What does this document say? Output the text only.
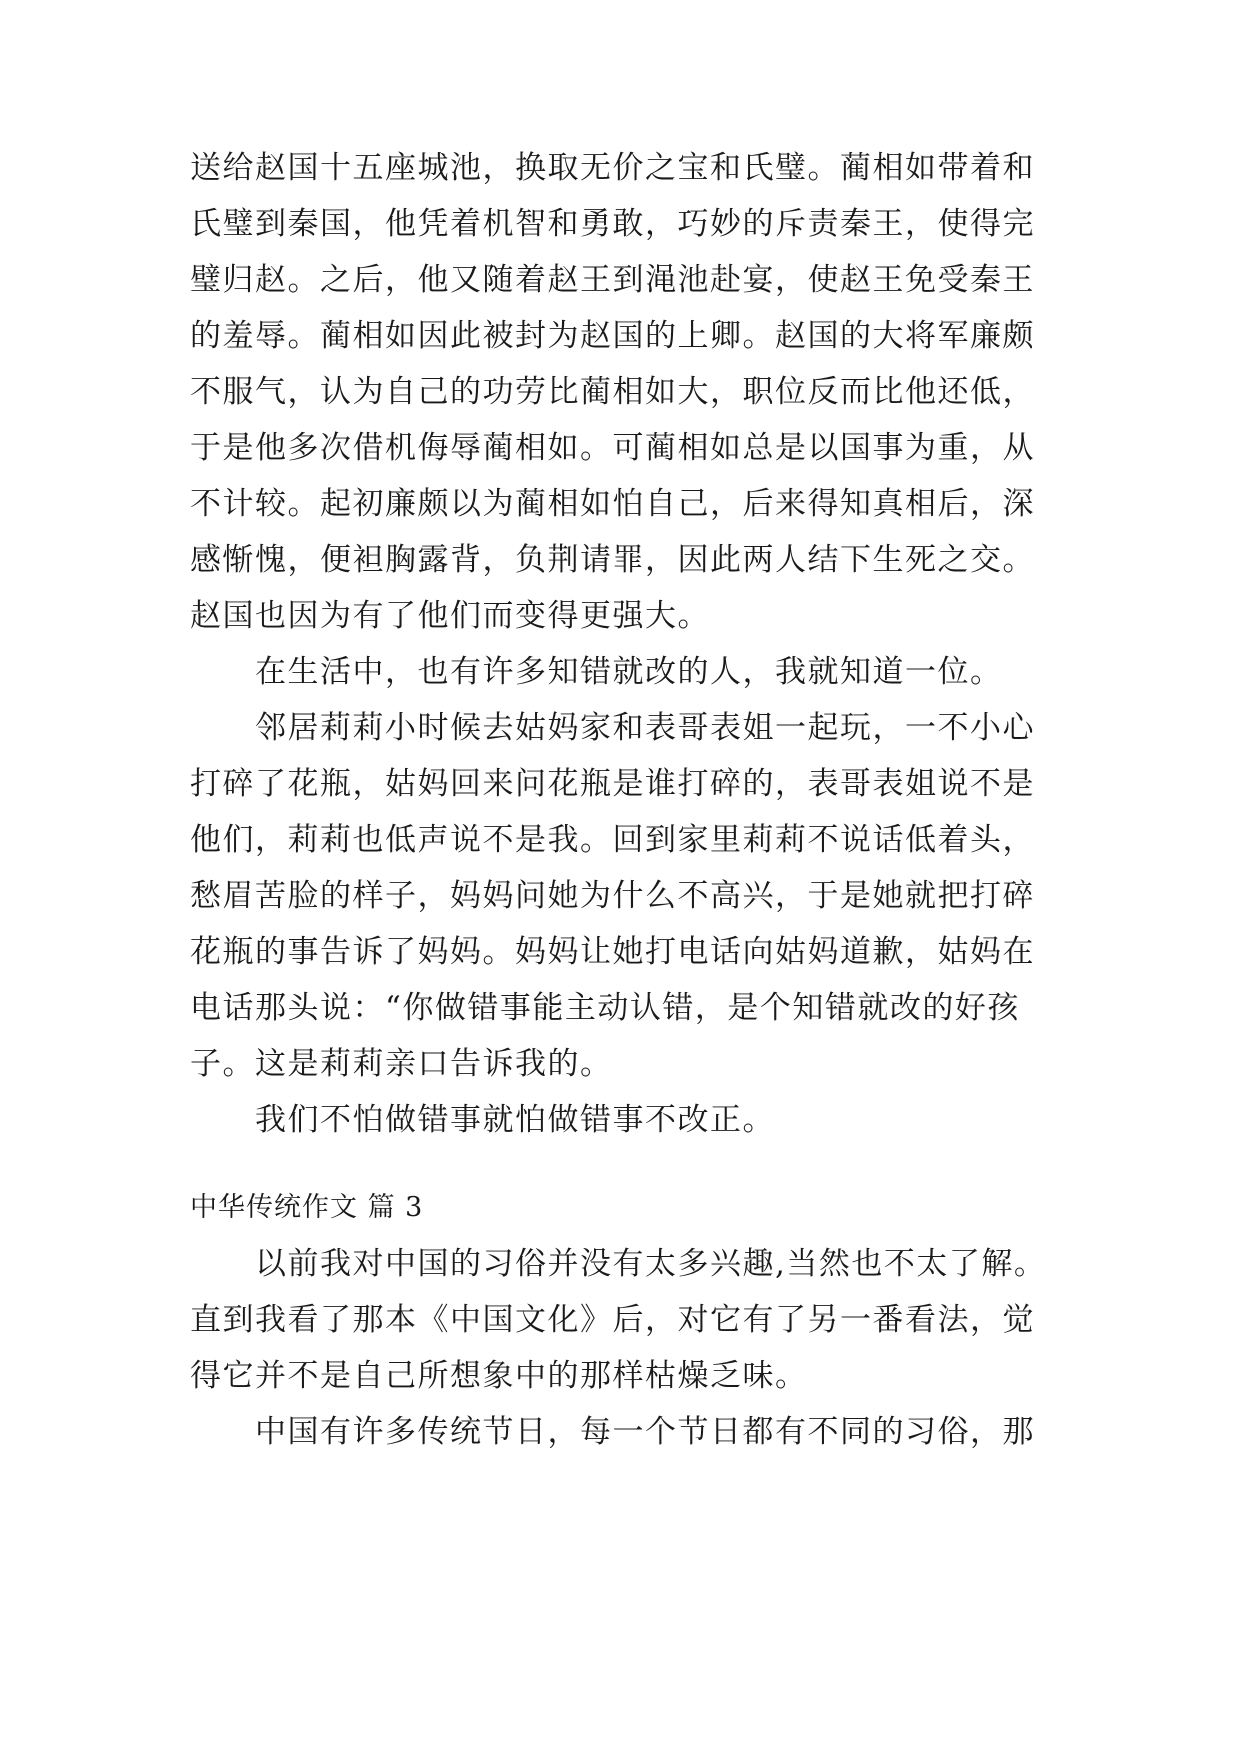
送给赵国十五座城池，换取无价之宝和氏璧。蔺相如带着和
氏璧到秦国，他凭着机智和勇敢，巧妙的斥责秦王，使得完
璧归赵。之后，他又随着赵王到渑池赴宴，使赵王免受秦王
的羞辱。蔺相如因此被封为赵国的上卿。赵国的大将军廉颇
不服气，认为自己的功劳比蔺相如大，职位反而比他还低，
于是他多次借机侮辱蔺相如。可蔺相如总是以国事为重，从
不计较。起初廉颇以为蔺相如怕自己，后来得知真相后，深
感惭愧，便袒胸露背，负荆请罪，因此两人结下生死之交。
赵国也因为有了他们而变得更强大。
在生活中，也有许多知错就改的人，我就知道一位。
邻居莉莉小时候去姑妈家和表哥表姐一起玩，一不小心
打碎了花瓶，姑妈回来问花瓶是谁打碎的，表哥表姐说不是
他们，莉莉也低声说不是我。回到家里莉莉不说话低着头，
愁眉苦脸的样子，妈妈问她为什么不高兴，于是她就把打碎
花瓶的事告诉了妈妈。妈妈让她打电话向姑妈道歉，姑妈在
电话那头说：“你做错事能主动认错，是个知错就改的好孩
子。这是莉莉亲口告诉我的。
我们不怕做错事就怕做错事不改正。
中华传统作文 篇 3
以前我对中国的习俗并没有太多兴趣,当然也不太了解。
直到我看了那本《中国文化》后，对它有了另一番看法，觉
得它并不是自己所想象中的那样枯燥乏味。
中国有许多传统节日，每一个节日都有不同的习俗，那
